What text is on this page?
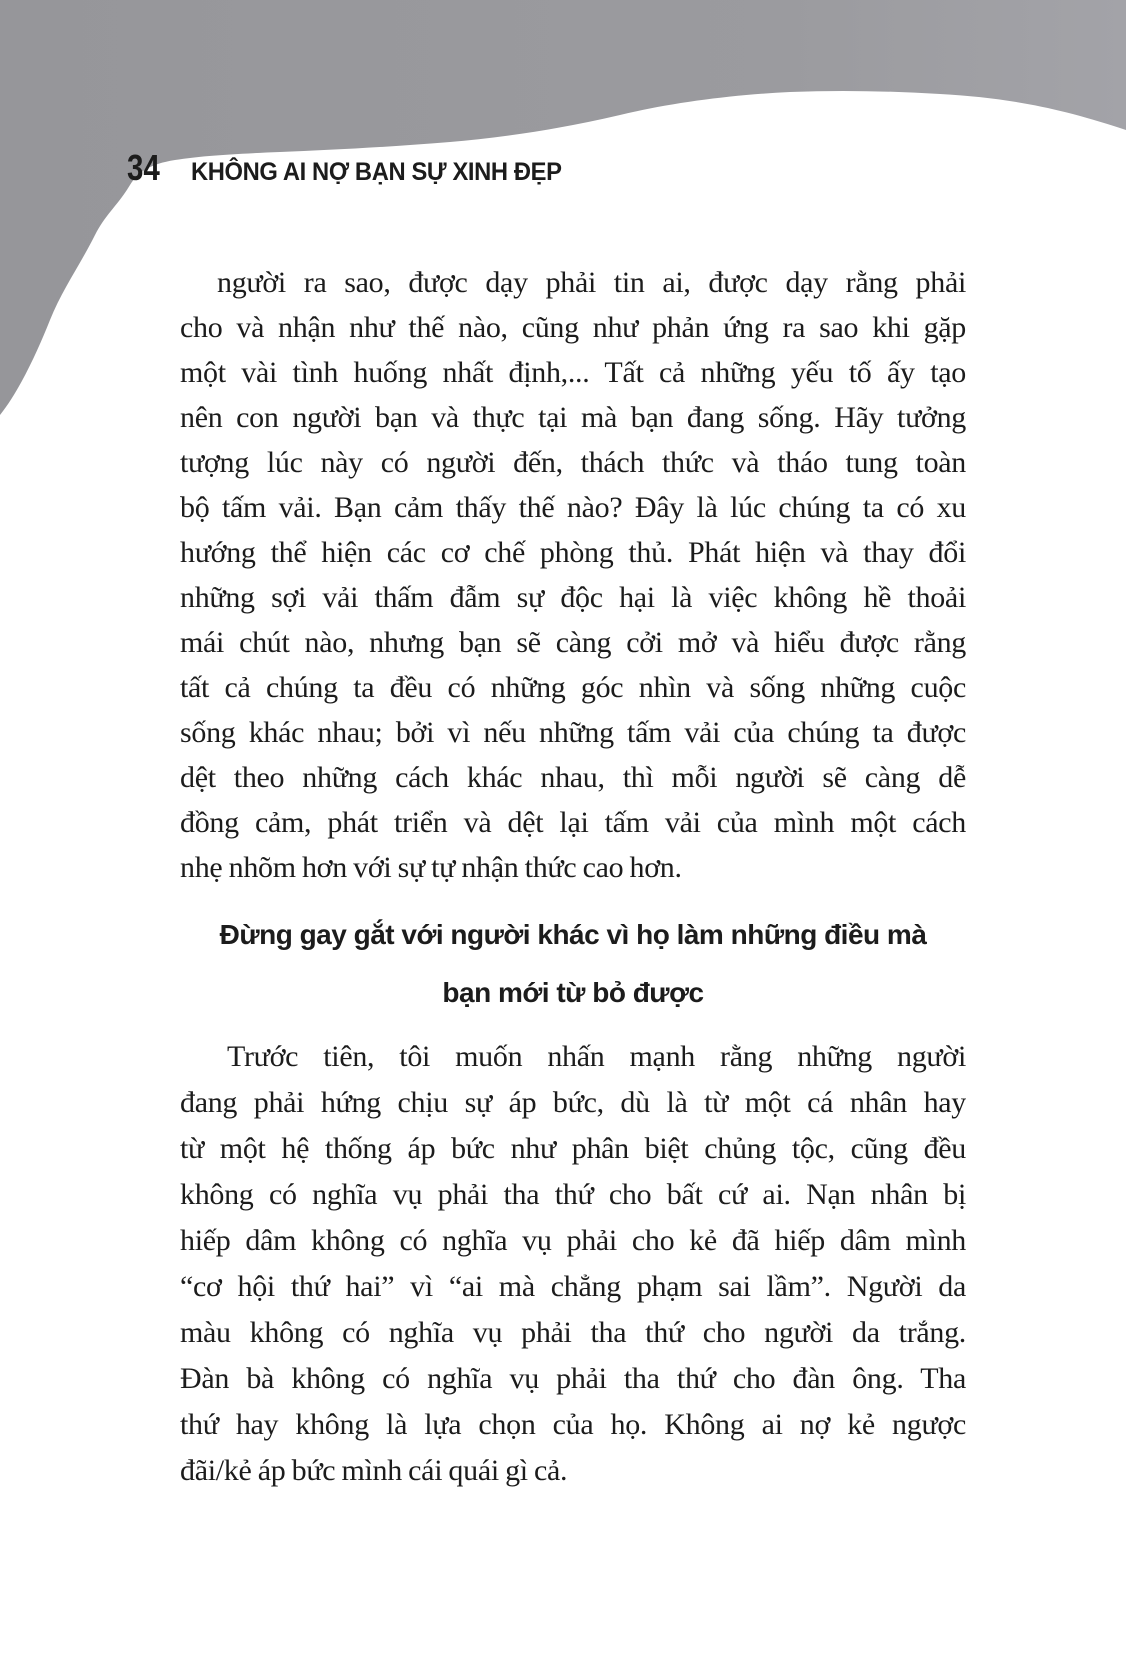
34 KHÔNG AI NỢ BẠN SỰ XINH ĐẸP
người ra sao, được dạy phải tin ai, được dạy rằng phải
cho và nhận như thế nào, cũng như phản ứng ra sao khi gặp
một vài tình huống nhất định,... Tất cả những yếu tố ấy tạo
nên con người bạn và thực tại mà bạn đang sống. Hãy tưởng
tượng lúc này có người đến, thách thức và tháo tung toàn
bộ tấm vải. Bạn cảm thấy thế nào? Đây là lúc chúng ta có xu
hướng thể hiện các cơ chế phòng thủ. Phát hiện và thay đổi
những sợi vải thấm đẫm sự độc hại là việc không hề thoải
mái chút nào, nhưng bạn sẽ càng cởi mở và hiểu được rằng
tất cả chúng ta đều có những góc nhìn và sống những cuộc
sống khác nhau; bởi vì nếu những tấm vải của chúng ta được
dệt theo những cách khác nhau, thì mỗi người sẽ càng dễ
đồng cảm, phát triển và dệt lại tấm vải của mình một cách
nhẹ nhõm hơn với sự tự nhận thức cao hơn.
Đừng gay gắt với người khác vì họ làm những điều mà
bạn mới từ bỏ được
Trước tiên, tôi muốn nhấn mạnh rằng những người
đang phải hứng chịu sự áp bức, dù là từ một cá nhân hay
từ một hệ thống áp bức như phân biệt chủng tộc, cũng đều
không có nghĩa vụ phải tha thứ cho bất cứ ai. Nạn nhân bị
hiếp dâm không có nghĩa vụ phải cho kẻ đã hiếp dâm mình
“cơ hội thứ hai” vì “ai mà chẳng phạm sai lầm”. Người da
màu không có nghĩa vụ phải tha thứ cho người da trắng.
Đàn bà không có nghĩa vụ phải tha thứ cho đàn ông. Tha
thứ hay không là lựa chọn của họ. Không ai nợ kẻ ngược
đãi/kẻ áp bức mình cái quái gì cả.
